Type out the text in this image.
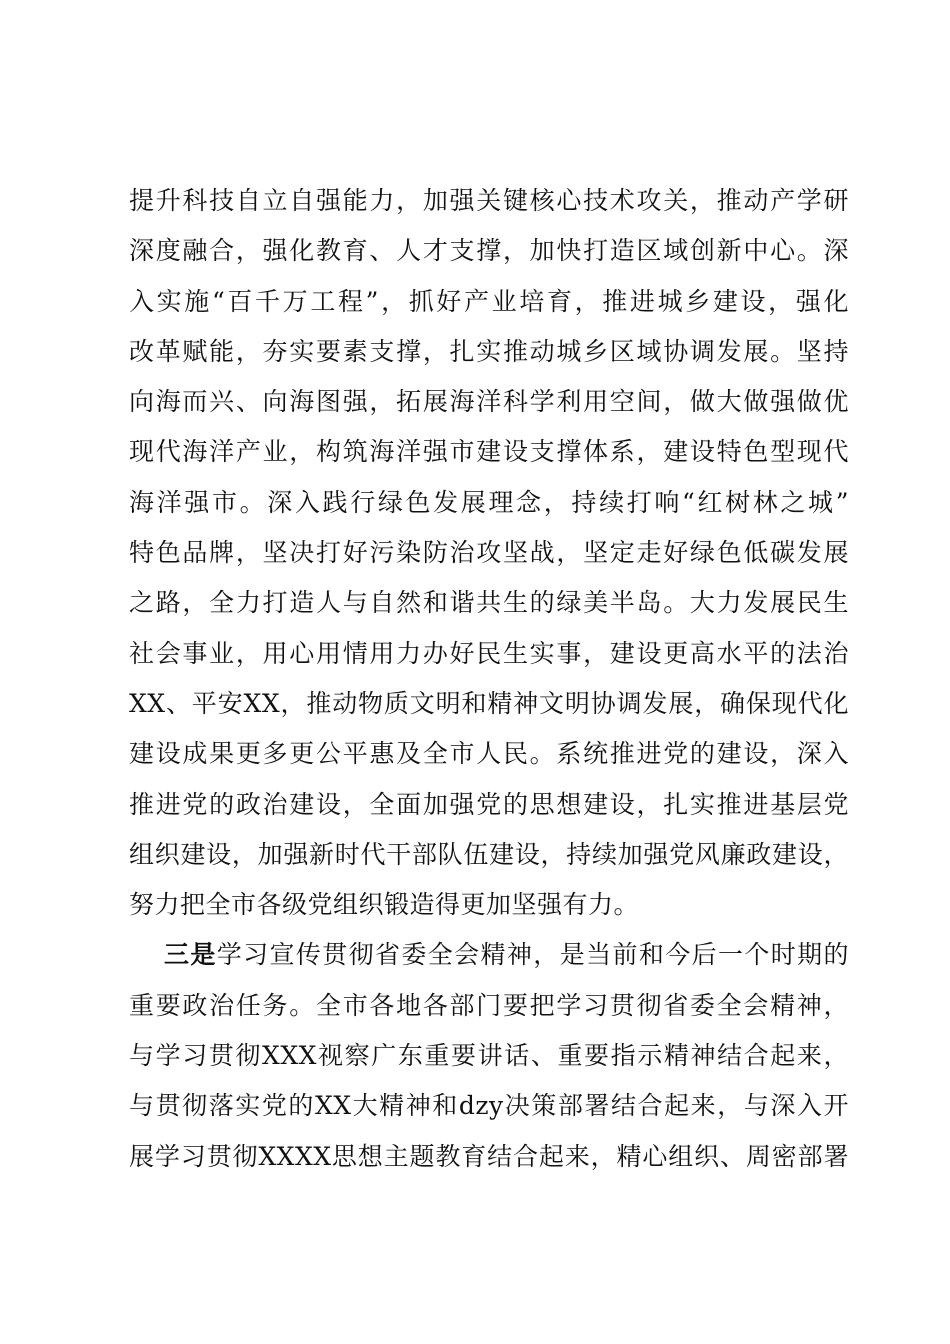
提升科技自立自强能力，加强关键核心技术攻关，推动产学研
深度融合，强化教育、人才支撑，加快打造区域创新中心。深
入实施“百千万工程”，抓好产业培育，推进城乡建设，强化
改革赋能，夯实要素支撑，扎实推动城乡区域协调发展。坚持
向海而兴、向海图强，拓展海洋科学利用空间，做大做强做优
现代海洋产业，构筑海洋强市建设支撑体系，建设特色型现代
海洋强市。深入践行绿色发展理念，持续打响“红树林之城”
特色品牌，坚决打好污染防治攻坚战，坚定走好绿色低碳发展
之路，全力打造人与自然和谐共生的绿美半岛。大力发展民生
社会事业，用心用情用力办好民生实事，建设更高水平的法治
XX、平安XX，推动物质文明和精神文明协调发展，确保现代化
建设成果更多更公平惠及全市人民。系统推进党的建设，深入
推进党的政治建设，全面加强党的思想建设，扎实推进基层党
组织建设，加强新时代干部队伍建设，持续加强党风廉政建设，
努力把全市各级党组织锻造得更加坚强有力。
三是学习宣传贯彻省委全会精神，是当前和今后一个时期的
重要政治任务。全市各地各部门要把学习贯彻省委全会精神，
与学习贯彻XXX视察广东重要讲话、重要指示精神结合起来，
与贯彻落实党的XX大精神和dzy决策部署结合起来，与深入开
展学习贯彻XXXX思想主题教育结合起来，精心组织、周密部署
